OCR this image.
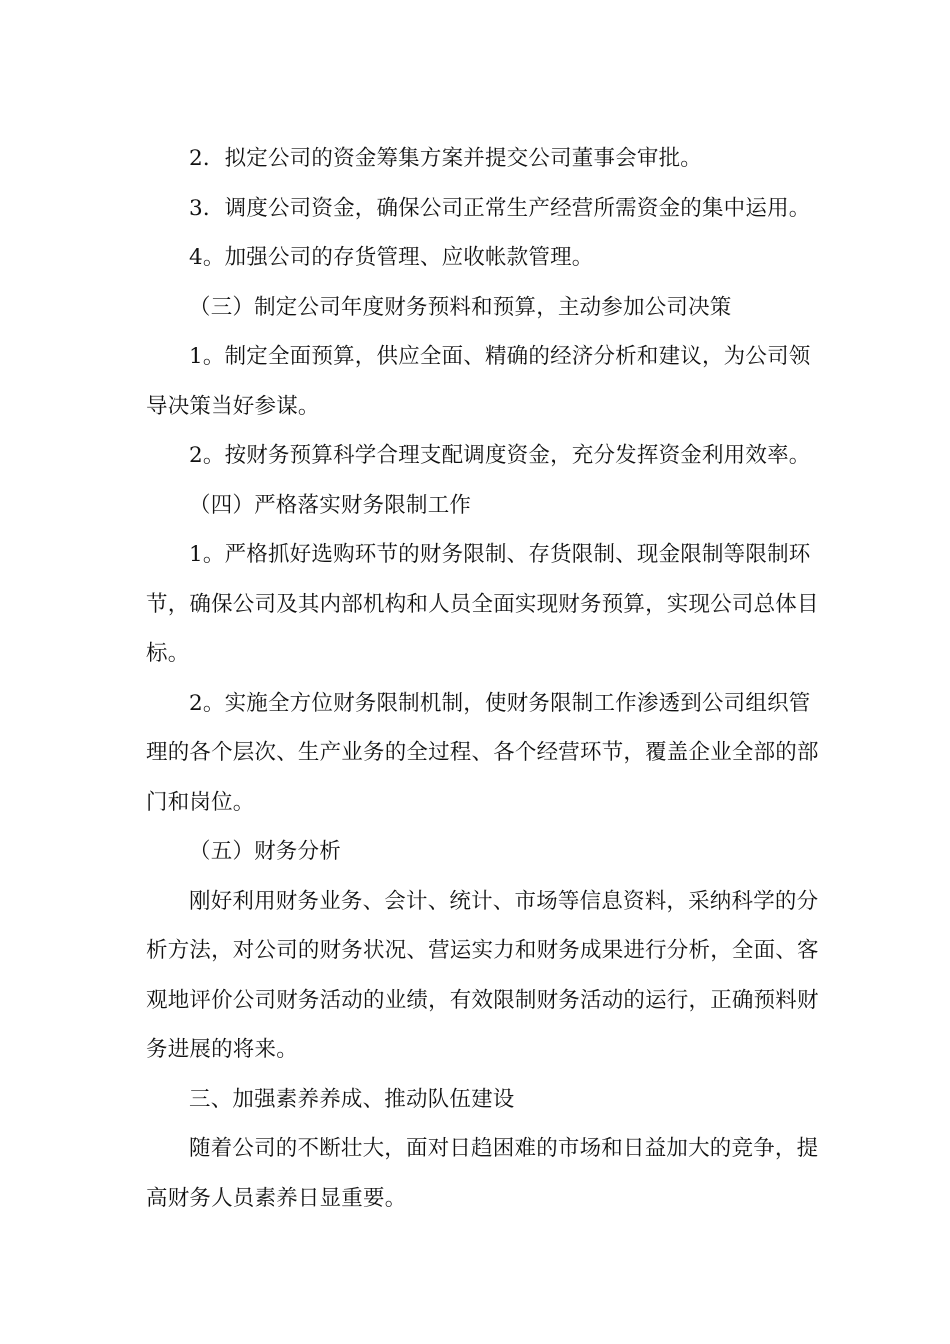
2．拟定公司的资金筹集方案并提交公司董事会审批。

3．调度公司资金，确保公司正常生产经营所需资金的集中运用。

4。加强公司的存货管理、应收帐款管理。

（三）制定公司年度财务预料和预算，主动参加公司决策

1。制定全面预算，供应全面、精确的经济分析和建议，为公司领导决策当好参谋。

2。按财务预算科学合理支配调度资金，充分发挥资金利用效率。

（四）严格落实财务限制工作

1。严格抓好选购环节的财务限制、存货限制、现金限制等限制环节，确保公司及其内部机构和人员全面实现财务预算，实现公司总体目标。

2。实施全方位财务限制机制，使财务限制工作渗透到公司组织管理的各个层次、生产业务的全过程、各个经营环节，覆盖企业全部的部门和岗位。

（五）财务分析

刚好利用财务业务、会计、统计、市场等信息资料，采纳科学的分析方法，对公司的财务状况、营运实力和财务成果进行分析，全面、客观地评价公司财务活动的业绩，有效限制财务活动的运行，正确预料财务进展的将来。

三、加强素养养成、推动队伍建设

随着公司的不断壮大，面对日趋困难的市场和日益加大的竞争，提高财务人员素养日显重要。
